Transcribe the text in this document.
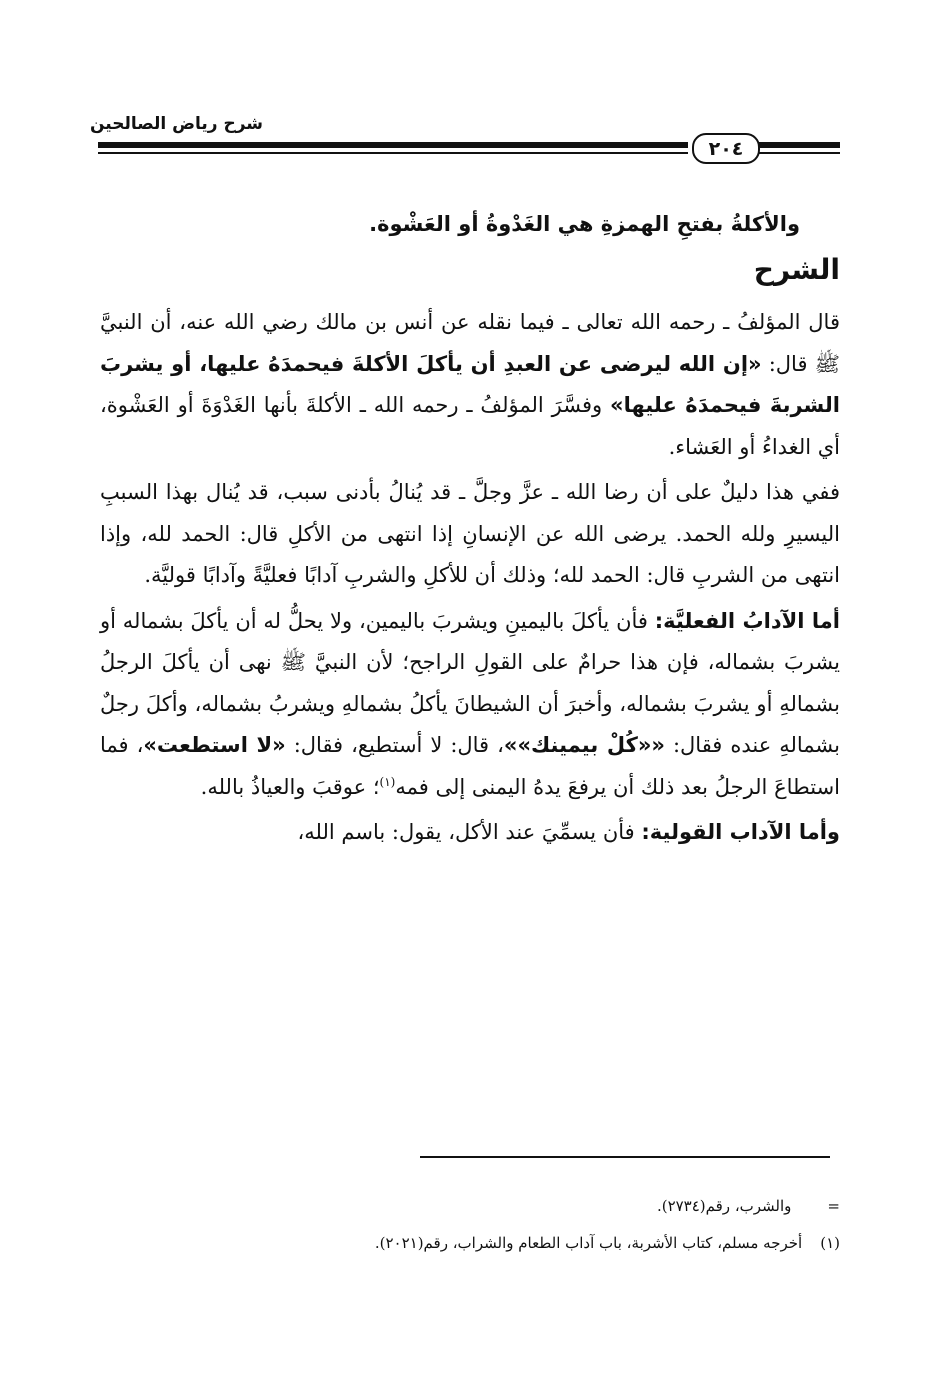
شرح رياض الصالحين
٢٠٤

والأكلةُ بفتحِ الهمزةِ هي الغَدْوةُ أو العَشْوة.

الشرح

قال المؤلفُ ـ رحمه الله تعالى ـ فيما نقله عن أنس بن مالك رضي الله عنه، أن النبيَّ ﷺ قال: «إن الله ليرضى عن العبدِ أن يأكلَ الأكلةَ فيحمدَهُ عليها، أو يشربَ الشربةَ فيحمدَهُ عليها» وفسَّرَ المؤلفُ ـ رحمه الله ـ الأكلةَ بأنها الغَدْوَةَ أو العَشْوة، أي الغداءُ أو العَشاء.

ففي هذا دليلٌ على أن رضا الله ـ عزَّ وجلَّ ـ قد يُنالُ بأدنى سبب، قد يُنال بهذا السببِ اليسيرِ ولله الحمد. يرضى الله عن الإنسانِ إذا انتهى من الأكلِ قال: الحمد لله، وإذا انتهى من الشربِ قال: الحمد لله؛ وذلك أن للأكلِ والشربِ آدابًا فعليَّةً وآدابًا قوليَّة.

أما الآدابُ الفعليَّة: فأن يأكلَ باليمينِ ويشربَ باليمين، ولا يحلُّ له أن يأكلَ بشماله أو يشربَ بشماله، فإن هذا حرامٌ على القولِ الراجح؛ لأن النبيَّ ﷺ نهى أن يأكلَ الرجلُ بشمالهِ أو يشربَ بشماله، وأخبرَ أن الشيطانَ يأكلُ بشمالهِ ويشربُ بشماله، وأكلَ رجلٌ بشمالهِ عنده فقال: ««كُلْ بيمينك»»، قال: لا أستطيع، فقال: «لا استطعت»، فما استطاعَ الرجلُ بعد ذلك أن يرفعَ يدهُ اليمنى إلى فمه$^{(١)}$؛ عوقبَ والعياذُ بالله.

وأما الآداب القولية: فأن يسمِّيَ عند الأكل، يقول: باسم الله،

=والشرب، رقم(٢٧٣٤).
(١)أخرجه مسلم، كتاب الأشربة، باب آداب الطعام والشراب، رقم(٢٠٢١).
